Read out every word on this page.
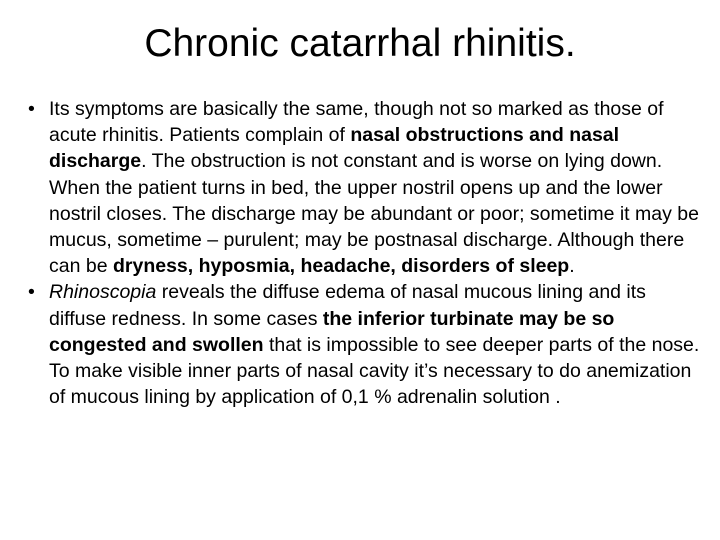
Chronic catarrhal rhinitis.
• Its symptoms are basically the same, though not so marked as those of acute rhinitis. Patients complain of nasal obstructions and nasal discharge. The obstruction is not constant and is worse on lying down. When the patient turns in bed, the upper nostril opens up and the lower nostril closes. The discharge may be abundant or poor; sometime it may be mucus, sometime – purulent; may be postnasal discharge. Although there can be dryness, hyposmia, headache, disorders of sleep.
• Rhinoscopia reveals the diffuse edema of nasal mucous lining and its diffuse redness. In some cases the inferior turbinate may be so congested and swollen that is impossible to see deeper parts of the nose. To make visible inner parts of nasal cavity it’s necessary to do anemization of mucous lining by application of 0,1 % adrenalin solution .
